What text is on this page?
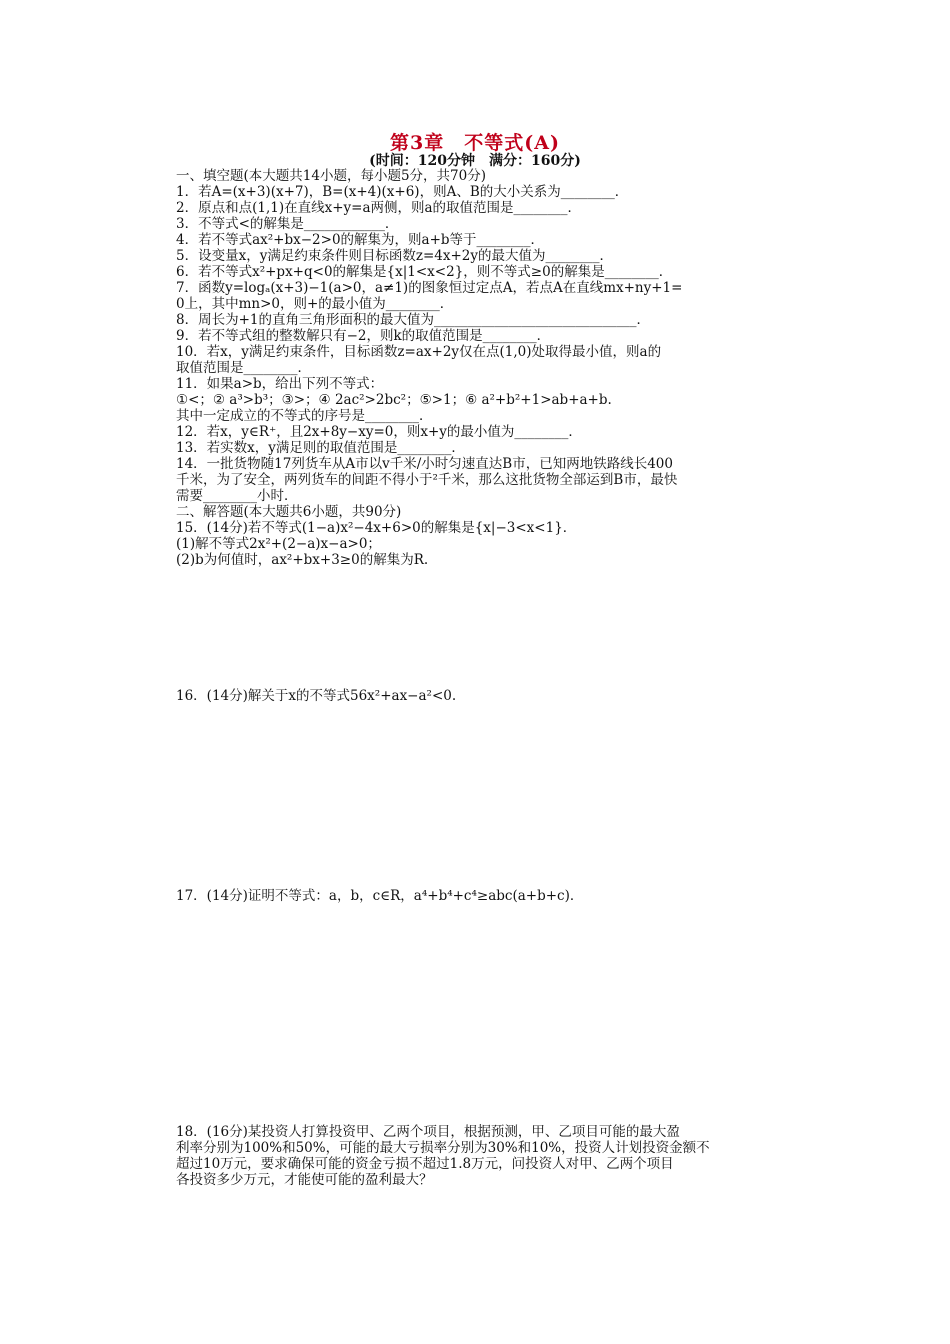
第3章　不等式(A)
(时间：120分钟　满分：160分)
一、填空题(本大题共14小题，每小题5分，共70分)
1．若A=(x+3)(x+7)，B=(x+4)(x+6)，则A、B的大小关系为________．
2．原点和点(1,1)在直线x+y=a两侧，则a的取值范围是________．
3．不等式<的解集是____________．
4．若不等式ax²+bx−2>0的解集为，则a+b等于________．
5．设变量x，y满足约束条件则目标函数z=4x+2y的最大值为________．
6．若不等式x²+px+q<0的解集是{x|1<x<2}，则不等式≥0的解集是________．
7．函数y=logₐ(x+3)−1(a>0，a≠1)的图象恒过定点A，若点A在直线mx+ny+1=
0上，其中mn>0，则+的最小值为________．
8．周长为+1的直角三角形面积的最大值为______________________________．
9．若不等式组的整数解只有−2，则k的取值范围是________．
10．若x，y满足约束条件，目标函数z=ax+2y仅在点(1,0)处取得最小值，则a的
取值范围是________．
11．如果a>b，给出下列不等式：
①<；② a³>b³；③>；④ 2ac²>2bc²；⑤>1；⑥ a²+b²+1>ab+a+b.
其中一定成立的不等式的序号是________．
12．若x，y∈R⁺，且2x+8y−xy=0，则x+y的最小值为________．
13．若实数x，y满足则的取值范围是________．
14．一批货物随17列货车从A市以v千米/小时匀速直达B市，已知两地铁路线长400
千米，为了安全，两列货车的间距不得小于²千米，那么这批货物全部运到B市，最快
需要________小时．
二、解答题(本大题共6小题，共90分)
15．(14分)若不等式(1−a)x²−4x+6>0的解集是{x|−3<x<1}．
(1)解不等式2x²+(2−a)x−a>0；
(2)b为何值时，ax²+bx+3≥0的解集为R.
16．(14分)解关于x的不等式56x²+ax−a²<0.
17．(14分)证明不等式：a，b，c∈R，a⁴+b⁴+c⁴≥abc(a+b+c)．
18．(16分)某投资人打算投资甲、乙两个项目，根据预测，甲、乙项目可能的最大盈
利率分别为100%和50%，可能的最大亏损率分别为30%和10%，投资人计划投资金额不
超过10万元，要求确保可能的资金亏损不超过1.8万元，问投资人对甲、乙两个项目
各投资多少万元，才能使可能的盈利最大？
